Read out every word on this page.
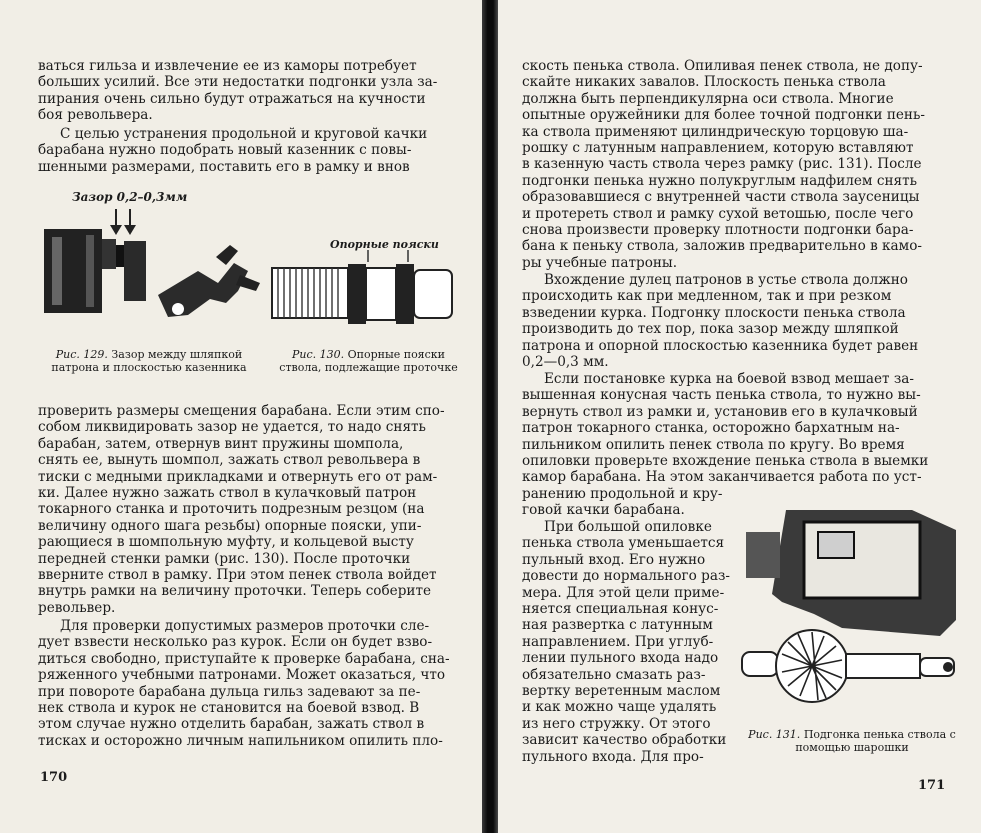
ваться гильза и извлечение ее из каморы потребует
больших усилий. Все эти недостатки подгонки узла за-
пирания очень сильно будут отражаться на кучности
боя револьвера.
С целью устранения продольной и круговой качки
барабана нужно подобрать новый казенник с повы-
шенными размерами, поставить его в рамку и внов
Зазор 0,2–0,3мм
Рис. 129. Зазор между шляпкой патрона и плоскостью казенника
Опорные пояски
Рис. 130. Опорные пояски ствола, подлежащие проточке
проверить размеры смещения барабана. Если этим спо-
собом ликвидировать зазор не удается, то надо снять
барабан, затем, отвернув винт пружины шомпола,
снять ее, вынуть шомпол, зажать ствол револьвера в
тиски с медными прикладками и отвернуть его от рам-
ки. Далее нужно зажать ствол в кулачковый патрон
токарного станка и проточить подрезным резцом (на
величину одного шага резьбы) опорные пояски, упи-
рающиеся в шомпольную муфту, и кольцевой высту
передней стенки рамки (рис. 130). После проточки
вверните ствол в рамку. При этом пенек ствола войдет
внутрь рамки на величину проточки. Теперь соберите
револьвер.
Для проверки допустимых размеров проточки сле-
дует взвести несколько раз курок. Если он будет взво-
диться свободно, приступайте к проверке барабана, сна-
ряженного учебными патронами. Может оказаться, что
при повороте барабана дульца гильз задевают за пе-
нек ствола и курок не становится на боевой взвод. В
этом случае нужно отделить барабан, зажать ствол в
тисках и осторожно личным напильником опилить пло-
170
скость пенька ствола. Опиливая пенек ствола, не допу-
скайте никаких завалов. Плоскость пенька ствола
должна быть перпендикулярна оси ствола. Многие
опытные оружейники для более точной подгонки пень-
ка ствола применяют цилиндрическую торцовую ша-
рошку с латунным направлением, которую вставляют
в казенную часть ствола через рамку (рис. 131). После
подгонки пенька нужно полукруглым надфилем снять
образовавшиеся с внутренней части ствола заусеницы
и протереть ствол и рамку сухой ветошью, после чего
снова произвести проверку плотности подгонки бара-
бана к пеньку ствола, заложив предварительно в камо-
ры учебные патроны.
Вхождение дулец патронов в устье ствола должно
происходить как при медленном, так и при резком
взведении курка. Подгонку плоскости пенька ствола
производить до тех пор, пока зазор между шляпкой
патрона и опорной плоскостью казенника будет равен
0,2—0,3 мм.
Если постановке курка на боевой взвод мешает за-
вышенная конусная часть пенька ствола, то нужно вы-
вернуть ствол из рамки и, установив его в кулачковый
патрон токарного станка, осторожно бархатным на-
пильником опилить пенек ствола по кругу. Во время
опиловки проверьте вхождение пенька ствола в выемки
камор барабана. На этом заканчивается работа по уст-
ранению продольной и кру-
говой качки барабана.
При большой опиловке
пенька ствола уменьшается
пульный вход. Его нужно
довести до нормального раз-
мера. Для этой цели приме-
няется специальная конус-
ная развертка с латунным
направлением. При углуб-
лении пульного входа надо
обязательно смазать раз-
вертку веретенным маслом
и как можно чаще удалять
из него стружку. От этого
зависит качество обработки
пульного входа. Для про-
Рис. 131. Подгонка пенька ствола с помощью шарошки
171
